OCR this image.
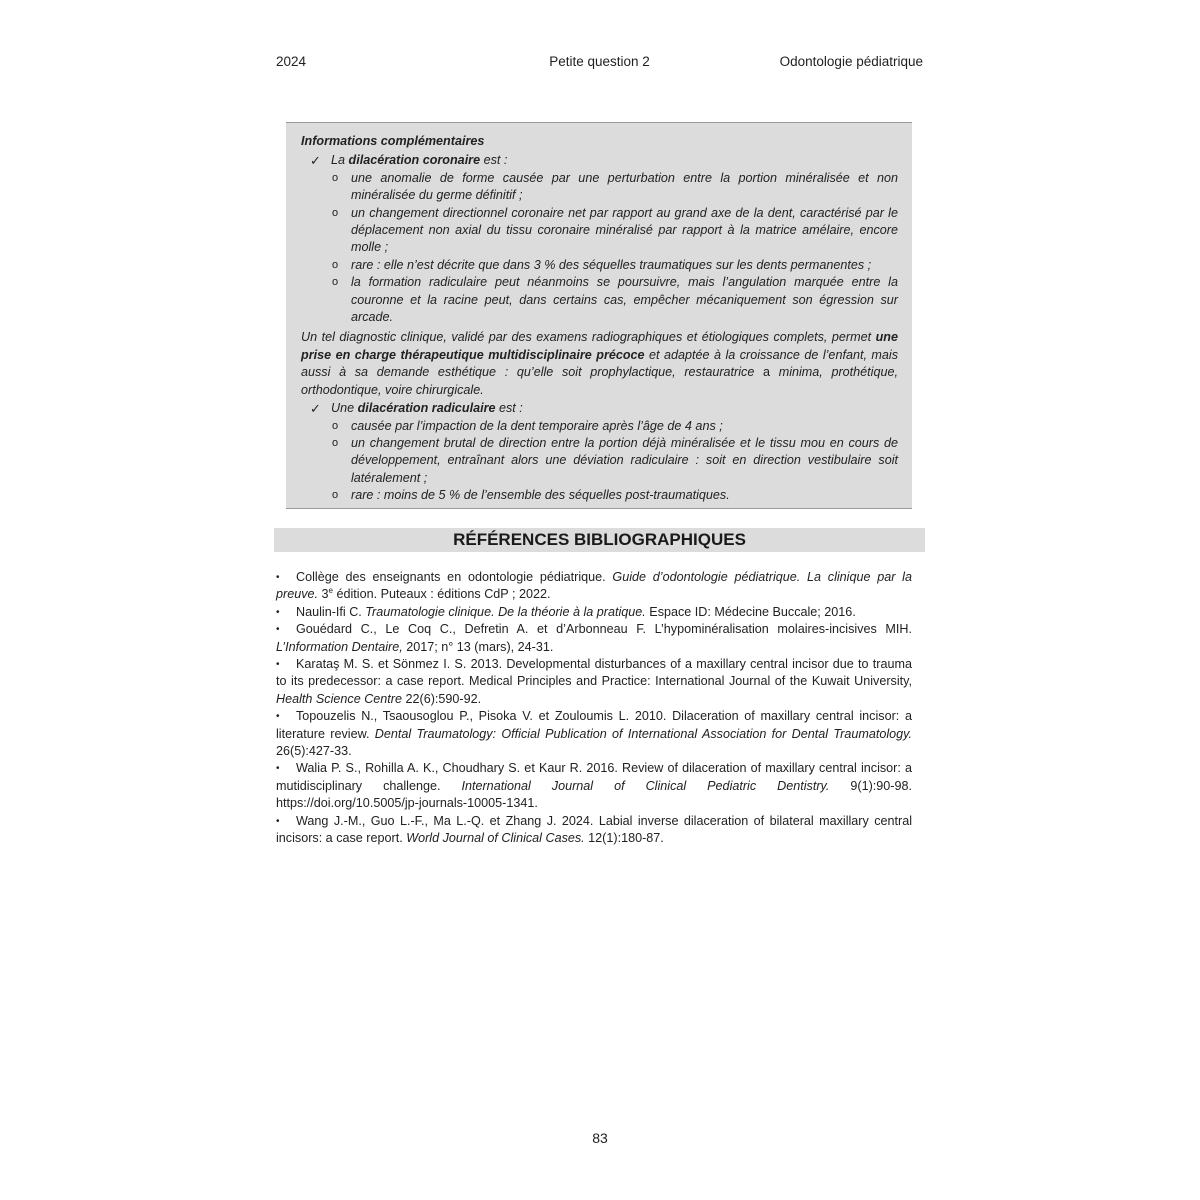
2024	Petite question 2	Odontologie pédiatrique
Informations complémentaires
✓ La dilacération coronaire est :
o une anomalie de forme causée par une perturbation entre la portion minéralisée et non minéralisée du germe définitif ;
o un changement directionnel coronaire net par rapport au grand axe de la dent, caractérisé par le déplacement non axial du tissu coronaire minéralisé par rapport à la matrice amélaire, encore molle ;
o rare : elle n’est décrite que dans 3 % des séquelles traumatiques sur les dents permanentes ;
o la formation radiculaire peut néanmoins se poursuivre, mais l’angulation marquée entre la couronne et la racine peut, dans certains cas, empêcher mécaniquement son égression sur arcade.
Un tel diagnostic clinique, validé par des examens radiographiques et étiologiques complets, permet une prise en charge thérapeutique multidisciplinaire précoce et adaptée à la croissance de l’enfant, mais aussi à sa demande esthétique : qu’elle soit prophylactique, restauratrice a minima, prothétique, orthodontique, voire chirurgicale.
✓ Une dilacération radiculaire est :
o causée par l’impaction de la dent temporaire après l’âge de 4 ans ;
o un changement brutal de direction entre la portion déjà minéralisée et le tissu mou en cours de développement, entraînant alors une déviation radiculaire : soit en direction vestibulaire soit latéralement ;
o rare : moins de 5 % de l’ensemble des séquelles post-traumatiques.
RÉFÉRENCES BIBLIOGRAPHIQUES
• Collège des enseignants en odontologie pédiatrique. Guide d’odontologie pédiatrique. La clinique par la preuve. 3e édition. Puteaux : éditions CdP ; 2022.
• Naulin-Ifi C. Traumatologie clinique. De la théorie à la pratique. Espace ID: Médecine Buccale; 2016.
• Gouédard C., Le Coq C., Defretin A. et d’Arbonneau F. L’hypominéralisation molaires-incisives MIH. L’Information Dentaire, 2017; n° 13 (mars), 24-31.
• Karataş M. S. et Sönmez I. S. 2013. Developmental disturbances of a maxillary central incisor due to trauma to its predecessor: a case report. Medical Principles and Practice: International Journal of the Kuwait University, Health Science Centre 22(6):590-92.
• Topouzelis N., Tsaousoglou P., Pisoka V. et Zouloumis L. 2010. Dilaceration of maxillary central incisor: a literature review. Dental Traumatology: Official Publication of International Association for Dental Traumatology. 26(5):427-33.
• Walia P. S., Rohilla A. K., Choudhary S. et Kaur R. 2016. Review of dilaceration of maxillary central incisor: a mutidisciplinary challenge. International Journal of Clinical Pediatric Dentistry. 9(1):90-98. https://doi.org/10.5005/jp-journals-10005-1341.
• Wang J.-M., Guo L.-F., Ma L.-Q. et Zhang J. 2024. Labial inverse dilaceration of bilateral maxillary central incisors: a case report. World Journal of Clinical Cases. 12(1):180-87.
83
